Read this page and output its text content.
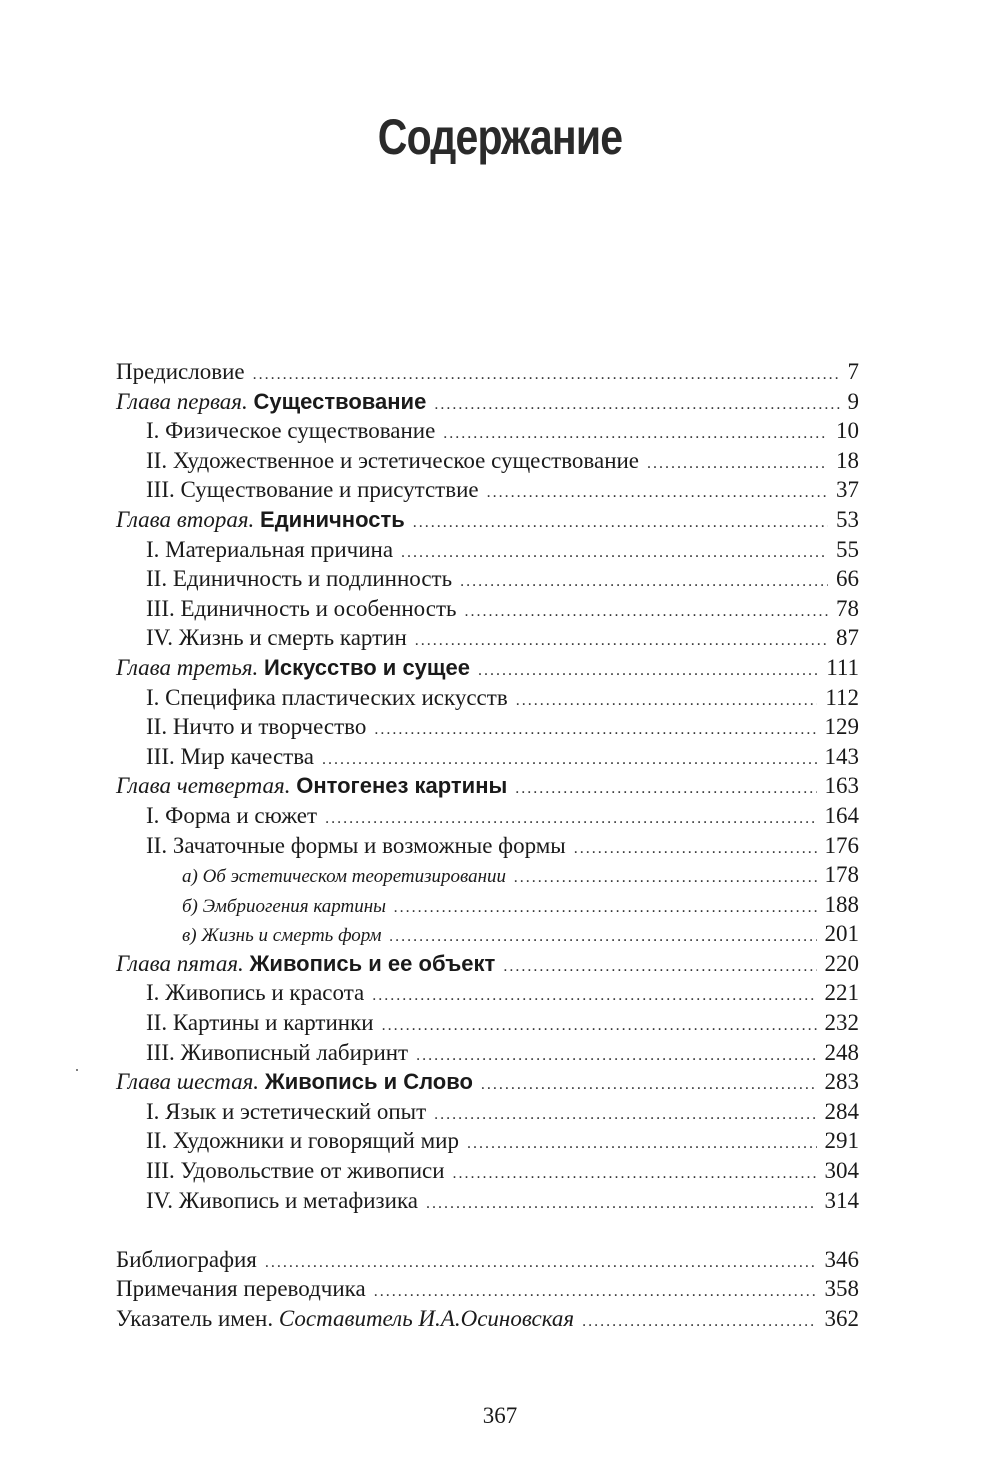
Содержание
Предисловие .....	7
Глава первая. Существование .....	9
I. Физическое существование .....	10
II. Художественное и эстетическое существование .....	18
III. Существование и присутствие .....	37
Глава вторая. Единичность .....	53
I. Материальная причина .....	55
II. Единичность и подлинность .....	66
III. Единичность и особенность .....	78
IV. Жизнь и смерть картин .....	87
Глава третья. Искусство и сущее .....	111
I. Специфика пластических искусств .....	112
II. Ничто и творчество .....	129
III. Мир качества .....	143
Глава четвертая. Онтогенез картины .....	163
I. Форма и сюжет .....	164
II. Зачаточные формы и возможные формы .....	176
а) Об эстетическом теоретизировании .....	178
б) Эмбриогения картины .....	188
в) Жизнь и смерть форм .....	201
Глава пятая. Живопись и ее объект .....	220
I. Живопись и красота .....	221
II. Картины и картинки .....	232
III. Живописный лабиринт .....	248
Глава шестая. Живопись и Слово .....	283
I. Язык и эстетический опыт .....	284
II. Художники и говорящий мир .....	291
III. Удовольствие от живописи .....	304
IV. Живопись и метафизика .....	314
Библиография .....	346
Примечания переводчика .....	358
Указатель имен. Составитель И.А.Осиновская .....	362
367
